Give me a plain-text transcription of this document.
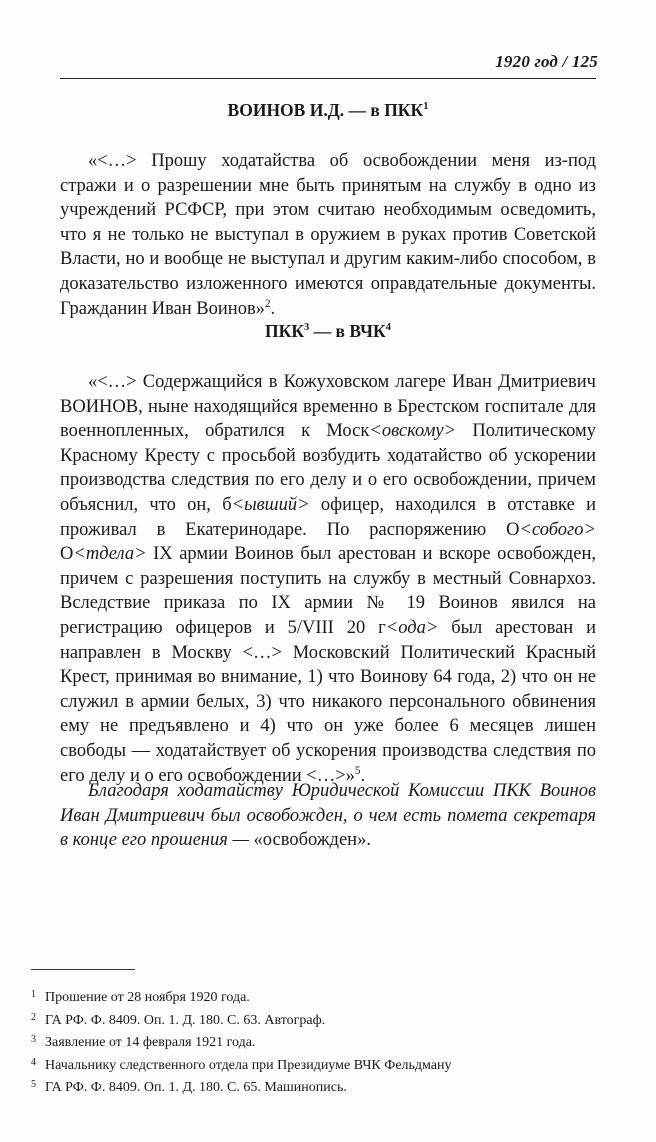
1920 год / 125
ВОИНОВ И.Д. — в ПКК$^1$
«<…> Прошу ходатайства об освобождении меня из-под стражи и о разрешении мне быть принятым на службу в одно из учреждений РСФСР, при этом считаю необходимым осведомить, что я не только не выступал в оружием в руках против Советской Власти, но и вообще не выступал и другим каким-либо способом, в доказательство изложенного имеются оправдательные документы. Гражданин Иван Воинов»$^2$.
ПКК$^3$ — в ВЧК$^4$
«<…> Содержащийся в Кожуховском лагере Иван Дмитриевич ВОИНОВ, ныне находящийся временно в Брестском госпитале для военнопленных, обратился к Моск<овскому> Политическому Красному Кресту с просьбой возбудить ходатайство об ускорении производства следствия по его делу и о его освобождении, причем объяснил, что он, б<ывший> офицер, находился в отставке и проживал в Екатеринодаре. По распоряжению О<собого> О<тдела> IX армии Воинов был арестован и вскоре освобожден, причем с разрешения поступить на службу в местный Совнархоз. Вследствие приказа по IX армии № 19 Воинов явился на регистрацию офицеров и 5/VIII 20 г<ода> был арестован и направлен в Москву <…> Московский Политический Красный Крест, принимая во внимание, 1) что Воинову 64 года, 2) что он не служил в армии белых, 3) что никакого персонального обвинения ему не предъявлено и 4) что он уже более 6 месяцев лишен свободы — ходатайствует об ускорения производства следствия по его делу и о его освобождении <…>»$^5$.
Благодаря ходатайству Юридической Комиссии ПКК Воинов Иван Дмитриевич был освобожден, о чем есть помета секретаря в конце его прошения — «освобожден».
1 Прошение от 28 ноября 1920 года.
2 ГА РФ. Ф. 8409. Оп. 1. Д. 180. С. 63. Автограф.
3 Заявление от 14 февраля 1921 года.
4 Начальнику следственного отдела при Президиуме ВЧК Фельдману
5 ГА РФ. Ф. 8409. Оп. 1. Д. 180. С. 65. Машинопись.
